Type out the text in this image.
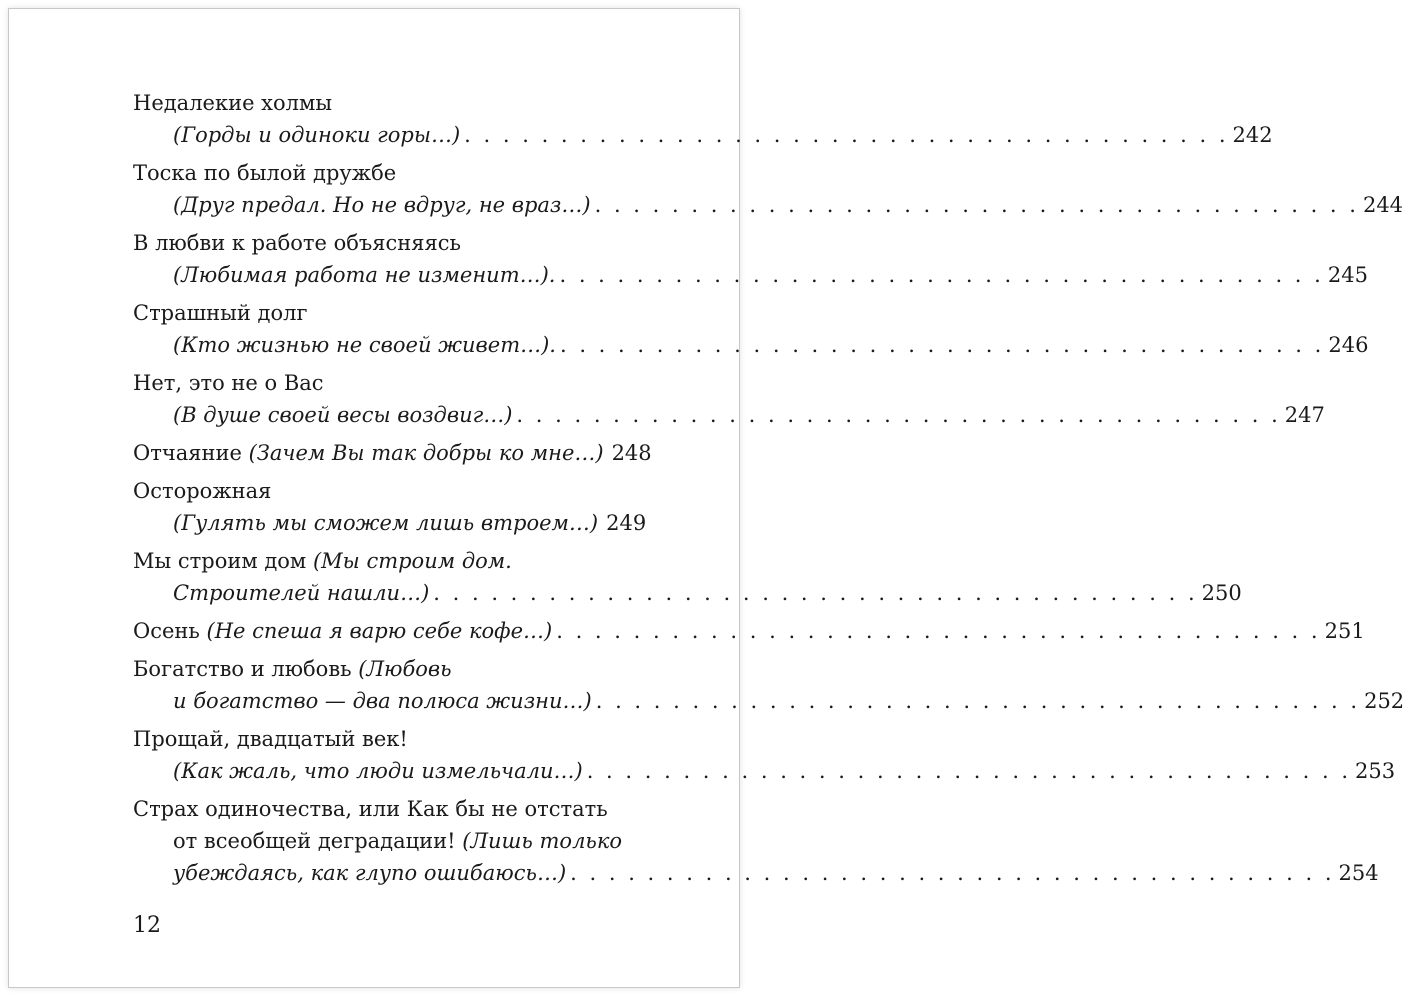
Недалекие холмы
(Горды и одиноки горы…) . . . . . . . . . . . . . . . . . . . . . . . . . . . . . . . . . . . . . . . . 242
Тоска по былой дружбе
(Друг предал. Но не вдруг, не враз…) . . . . . . . . . . . . . . . . . . . . . . . . . . . . . . . . . . . . . . . . 244
В любви к работе объясняясь
(Любимая работа не изменит…). . . . . . . . . . . . . . . . . . . . . . . . . . . . . . . . . . . . . . . . . 245
Страшный долг
(Кто жизнью не своей живет…). . . . . . . . . . . . . . . . . . . . . . . . . . . . . . . . . . . . . . . . . 246
Нет, это не о Вас
(В душе своей весы воздвиг…) . . . . . . . . . . . . . . . . . . . . . . . . . . . . . . . . . . . . . . . . 247
Отчаяние (Зачем Вы так добры ко мне…) 248
Осторожная
(Гулять мы сможем лишь втроем…) 249
Мы строим дом (Мы строим дом.
Строителей нашли…) . . . . . . . . . . . . . . . . . . . . . . . . . . . . . . . . . . . . . . . . 250
Осень (Не спеша я варю себе кофе…) . . . . . . . . . . . . . . . . . . . . . . . . . . . . . . . . . . . . . . . . 251
Богатство и любовь (Любовь
и богатство — два полюса жизни…) . . . . . . . . . . . . . . . . . . . . . . . . . . . . . . . . . . . . . . . . 252
Прощай, двадцатый век!
(Как жаль, что люди измельчали…) . . . . . . . . . . . . . . . . . . . . . . . . . . . . . . . . . . . . . . . . 253
Страх одиночества, или Как бы не отстать
от всеобщей деградации! (Лишь только
убеждаясь, как глупо ошибаюсь…) . . . . . . . . . . . . . . . . . . . . . . . . . . . . . . . . . . . . . . . . 254
12
